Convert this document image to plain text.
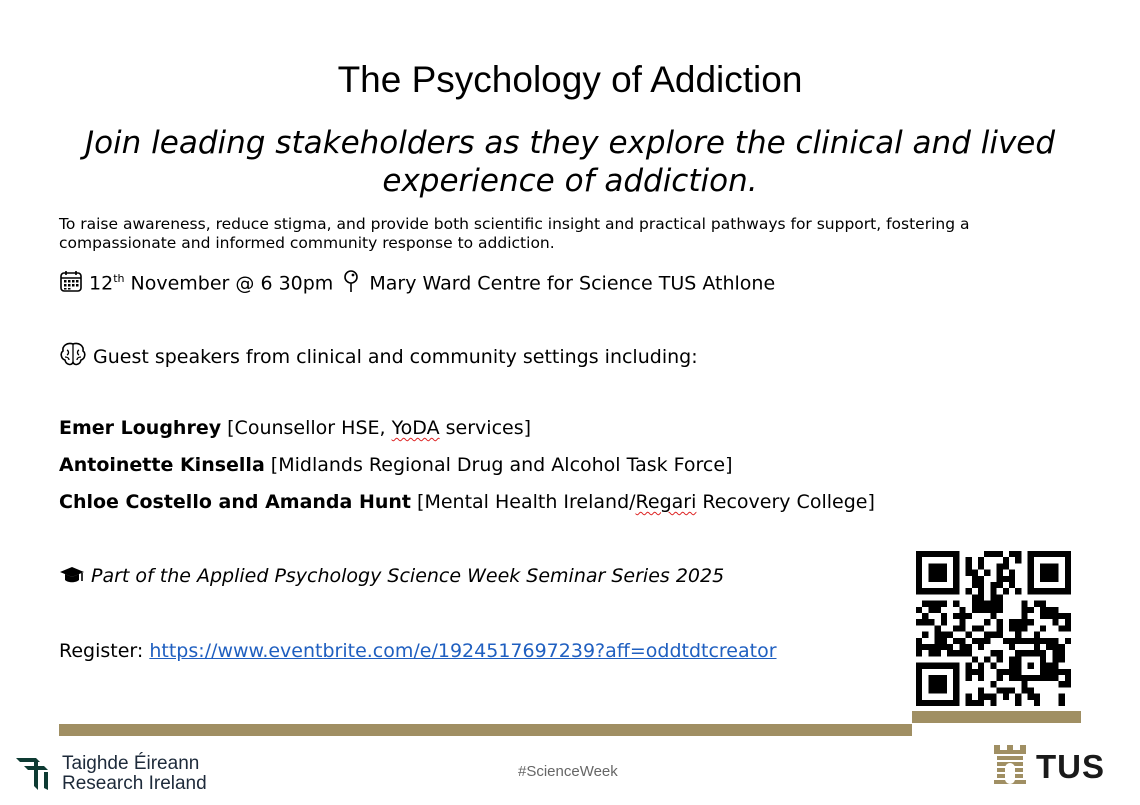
The Psychology of Addiction
Join leading stakeholders as they explore the clinical and lived
experience of addiction.
To raise awareness, reduce stigma, and provide both scientific insight and practical pathways for support, fostering a compassionate and informed community response to addiction.
12th November @ 6 30pm Mary Ward Centre for Science TUS Athlone
Guest speakers from clinical and community settings including:
Emer Loughrey [Counsellor HSE, YoDA services]
Antoinette Kinsella [Midlands Regional Drug and Alcohol Task Force]
Chloe Costello and Amanda Hunt [Mental Health Ireland/Regari Recovery College]
Part of the Applied Psychology Science Week Seminar Series 2025
Register: https://www.eventbrite.com/e/1924517697239?aff=oddtdtcreator
Taighde Éireann
Research Ireland
#ScienceWeek	TUS
